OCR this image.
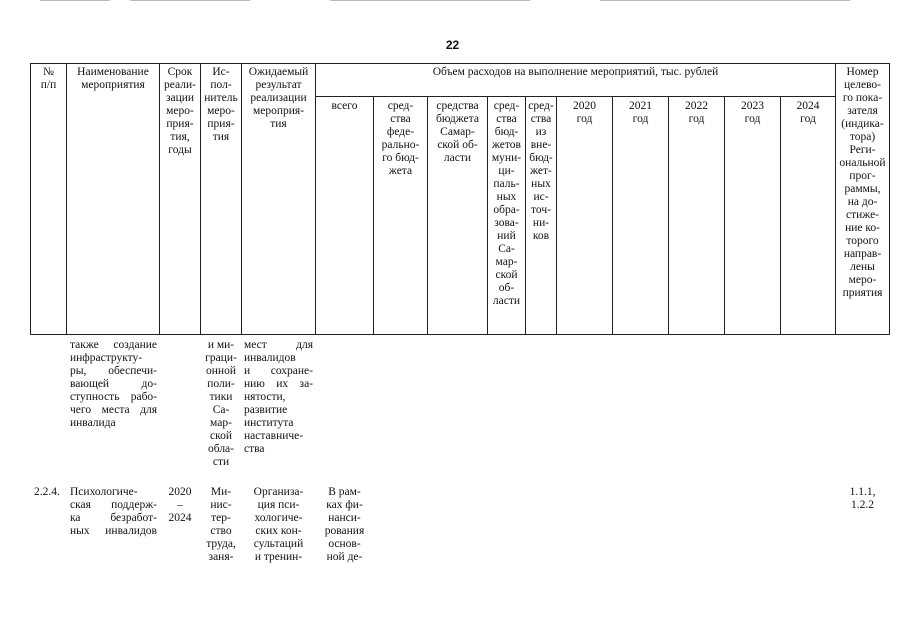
22
№
п/п
Наименование
мероприятия
Срок
реали-
зации
меро-
прия-
тия,
годы
Ис-
пол-
нитель
меро-
прия-
тия
Ожидаемый
результат
реализации
мероприя-
тия
Объем расходов на выполнение мероприятий, тыс. рублей	Номер
целево-
го пока-
зателя
(индика-
тора)
Реги-
ональной
прог-
раммы,
на до-
стиже-
ние ко-
торого
направ-
лены
меро-
приятия
всего	сред-
ства
феде-
рально-
го бюд-
жета
средства
бюджета
Самар-
ской об-
ласти
сред-
ства
бюд-
жетов
муни-
ци-
паль-
ных
обра-
зова-
ний
Са-
мар-
ской
об-
ласти
сред-
ства
из
вне-
бюд-
жет-
ных
ис-
точ-
ни-
ков
2020
год
2021
год
2022
год
2023
год
2024
год
также создание
инфраструкту-
ры, обеспечи-
вающей до-
ступность рабо-
чего места для
инвалида
и ми-
граци-
онной
поли-
тики
Са-
мар-
ской
обла-
сти
мест для
инвалидов
и сохране-
нию их за-
нятости,
развитие
института
наставниче-
ства
2.2.4. Психологиче-
ская поддерж-
ка безработ-
ных инвалидов
2020
–
2024
Ми-
нис-
тер-
ство
труда,
заня-
Организа-
ция пси-
хологиче-
ских кон-
сультаций
и тренин-
В рам-
ках фи-
нанси-
рования
основ-
ной де-
1.1.1,
1.2.2
